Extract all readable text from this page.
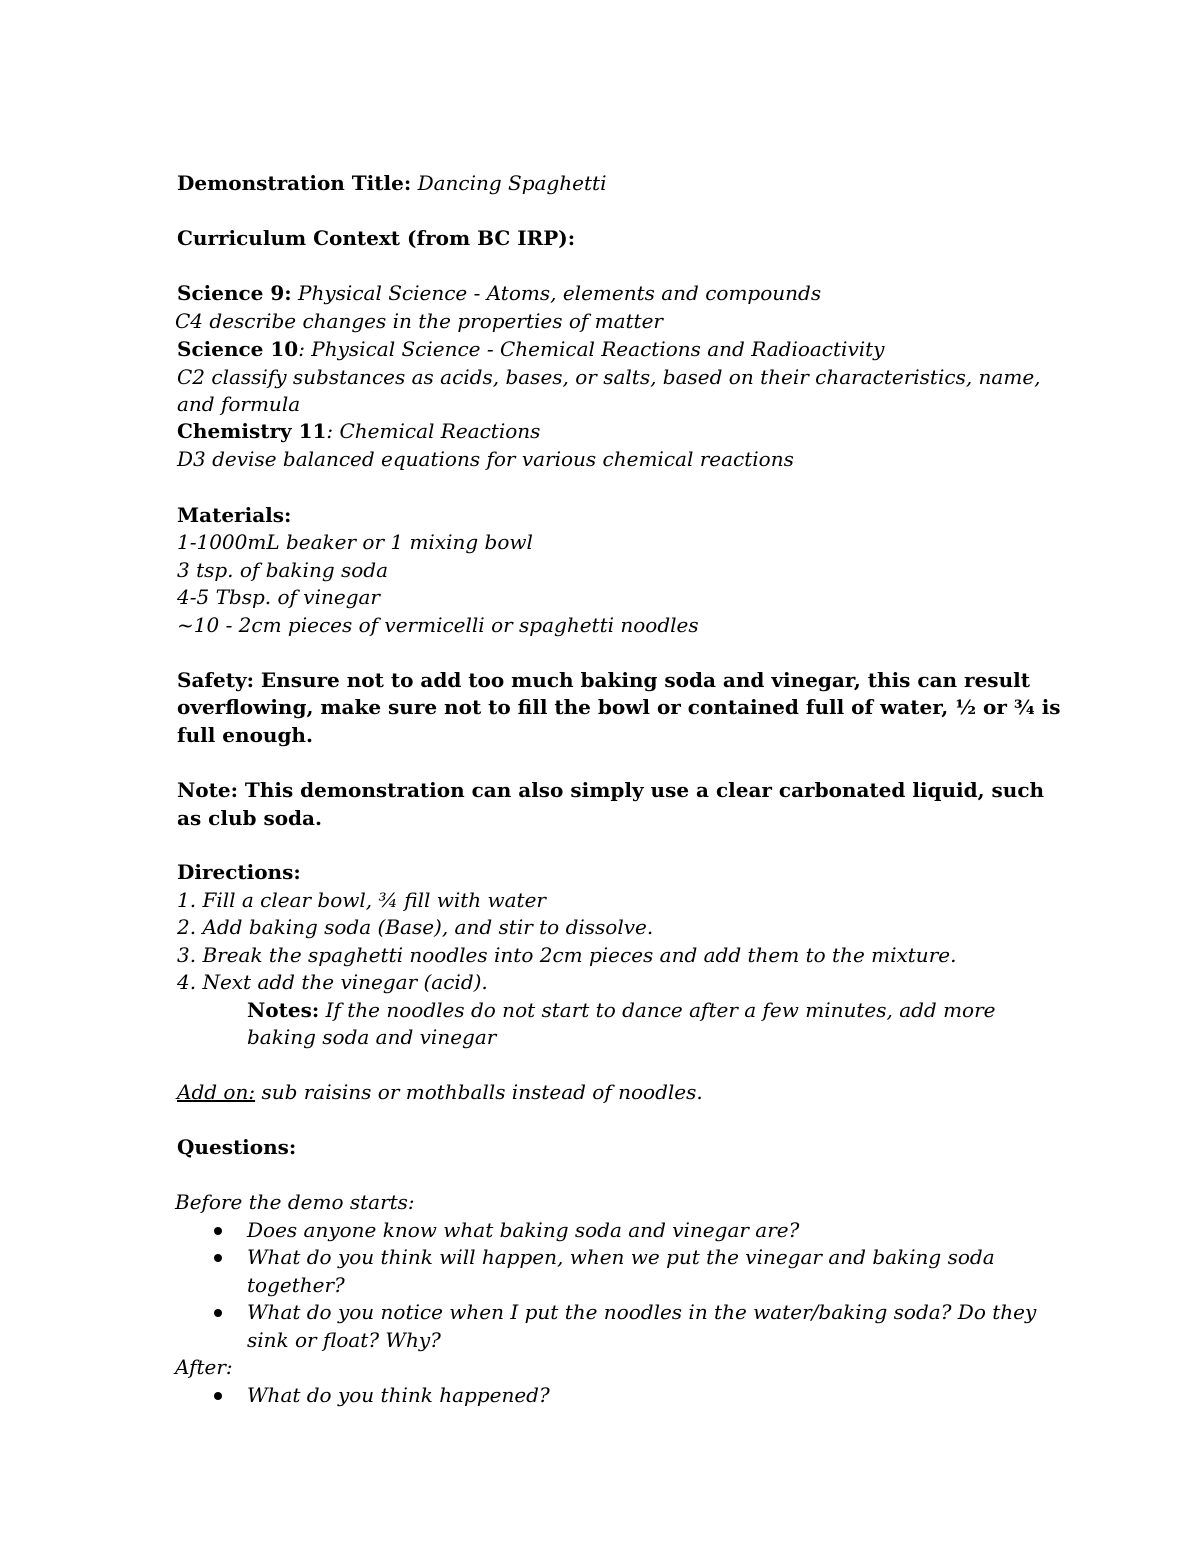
Demonstration Title: Dancing Spaghetti
Curriculum Context (from BC IRP):
Science 9: Physical Science - Atoms, elements and compounds
C4 describe changes in the properties of matter
Science 10: Physical Science - Chemical Reactions and Radioactivity
C2 classify substances as acids, bases, or salts, based on their characteristics, name,
and formula
Chemistry 11: Chemical Reactions
D3 devise balanced equations for various chemical reactions
Materials:
1-1000mL beaker or 1 mixing bowl
3 tsp. of baking soda
4-5 Tbsp. of vinegar
~10 - 2cm pieces of vermicelli or spaghetti noodles
Safety: Ensure not to add too much baking soda and vinegar, this can result
overflowing, make sure not to fill the bowl or contained full of water, ½ or ¾ is
full enough.
Note: This demonstration can also simply use a clear carbonated liquid, such
as club soda.
Directions:
1. Fill a clear bowl, ¾ fill with water
2. Add baking soda (Base), and stir to dissolve.
3. Break the spaghetti noodles into 2cm pieces and add them to the mixture.
4. Next add the vinegar (acid).
Notes: If the noodles do not start to dance after a few minutes, add more
baking soda and vinegar
Add on: sub raisins or mothballs instead of noodles.
Questions:
Before the demo starts:
Does anyone know what baking soda and vinegar are?
What do you think will happen, when we put the vinegar and baking soda
together?
What do you notice when I put the noodles in the water/baking soda? Do they
sink or float? Why?
After:
What do you think happened?
